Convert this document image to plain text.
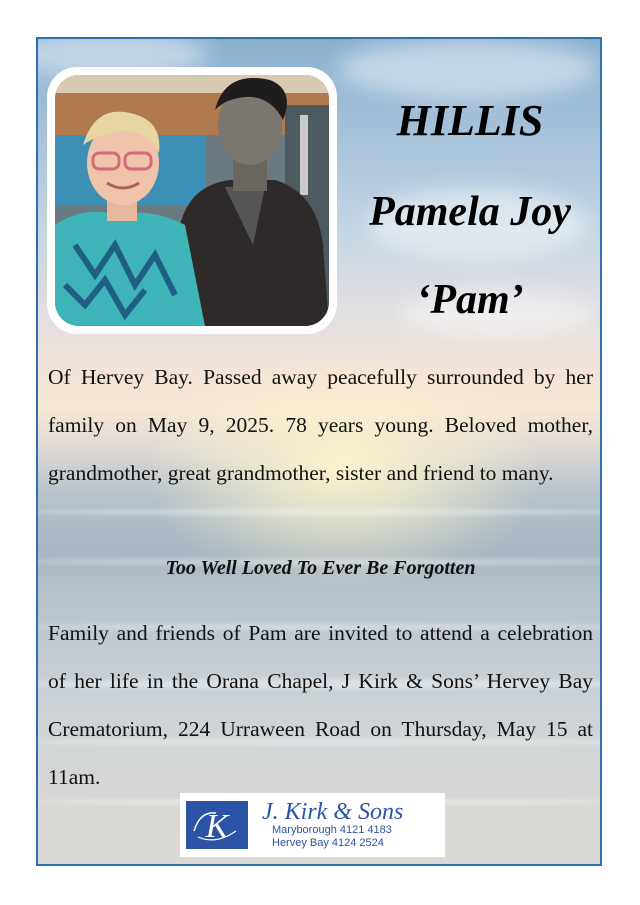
HILLIS
Pamela Joy
‘Pam’
Of Hervey Bay. Passed away peacefully surrounded by her family on May 9, 2025. 78 years young. Beloved mother, grandmother, great grandmother, sister and friend to many.
Too Well Loved To Ever Be Forgotten
Family and friends of Pam are invited to attend a celebration of her life in the Orana Chapel, J Kirk & Sons’ Hervey Bay Crematorium, 224 Urraween Road on Thursday, May 15 at 11am.
K J. Kirk & Sons
Maryborough 4121 4183
Hervey Bay 4124 2524
